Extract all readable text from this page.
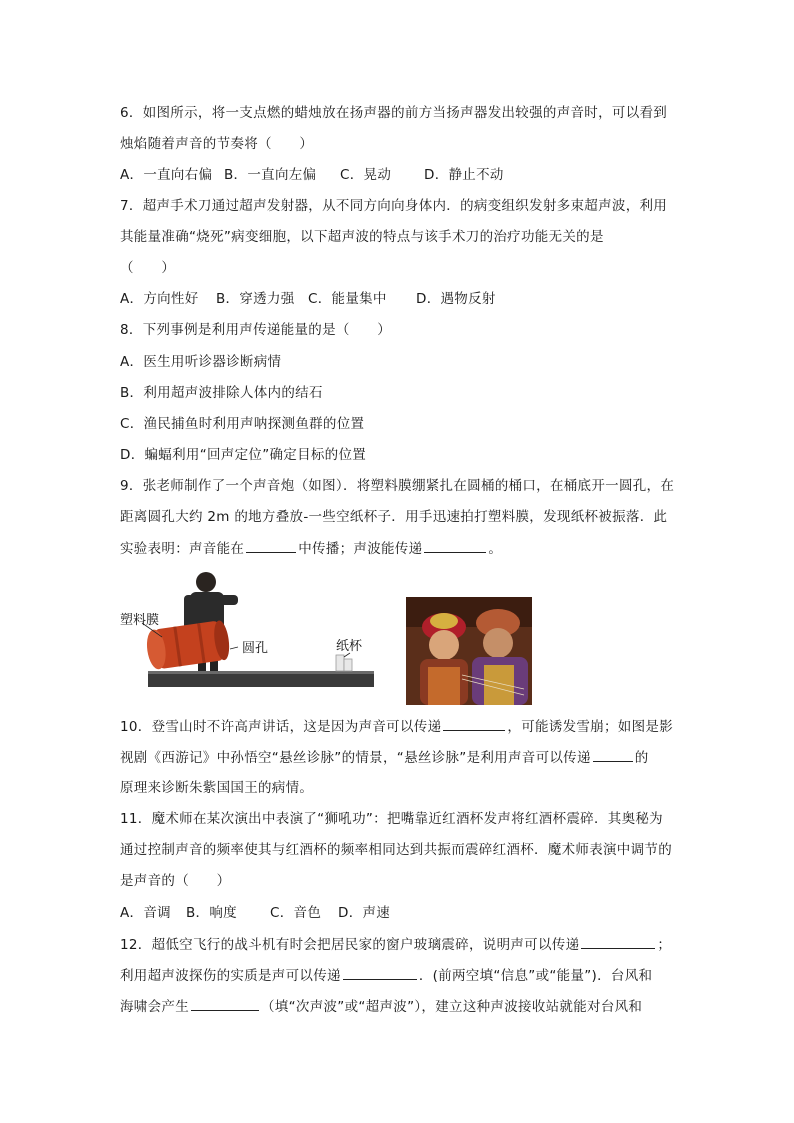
6．如图所示，将一支点燃的蜡烛放在扬声器的前方当扬声器发出较强的声音时，可以看到
烛焰随着声音的节奏将（　　）
A．一直向右偏 B．一直向左偏 C．晃动 D．静止不动
7．超声手术刀通过超声发射器，从不同方向向身体内．的病变组织发射多束超声波，利用
其能量准确“烧死”病变细胞，以下超声波的特点与该手术刀的治疗功能无关的是
（　　）
A．方向性好 B．穿透力强 C．能量集中 D．遇物反射
8．下列事例是利用声传递能量的是（　　）
A．医生用听诊器诊断病情
B．利用超声波排除人体内的结石
C．渔民捕鱼时利用声呐探测鱼群的位置
D．蝙蝠利用“回声定位”确定目标的位置
9．张老师制作了一个声音炮（如图）．将塑料膜绷紧扎在圆桶的桶口，在桶底开一圆孔，在
距离圆孔大约 2m 的地方叠放-一些空纸杯子．用手迅速拍打塑料膜，发现纸杯被振落．此
实验表明：声音能在	中传播；声波能传递	。
塑料膜
圆孔	纸杯
10．登雪山时不许高声讲话，这是因为声音可以传递	，可能诱发雪崩；如图是影
视剧《西游记》中孙悟空“悬丝诊脉”的情景，“悬丝诊脉”是利用声音可以传递	的
原理来诊断朱紫国国王的病情。
11．魔术师在某次演出中表演了“狮吼功”：把嘴靠近红酒杯发声将红酒杯震碎．其奥秘为
通过控制声音的频率使其与红酒杯的频率相同达到共振而震碎红酒杯．魔术师表演中调节的
是声音的（　　）
A．音调 B．响度 C．音色 D．声速
12．超低空飞行的战斗机有时会把居民家的窗户玻璃震碎，说明声可以传递	；
利用超声波探伤的实质是声可以传递	．(前两空填“信息”或“能量”)．台风和
海啸会产生	（填“次声波”或“超声波”），建立这种声波接收站就能对台风和
